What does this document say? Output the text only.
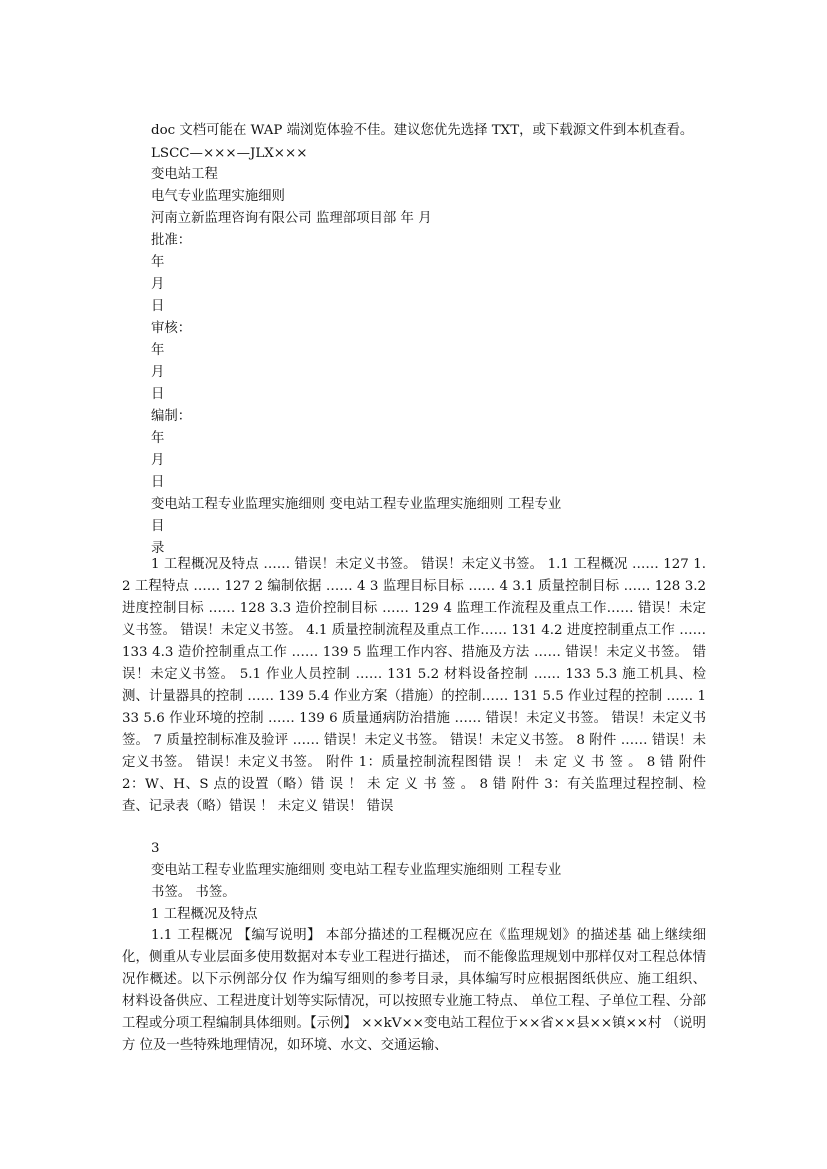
doc 文档可能在 WAP 端浏览体验不佳。建议您优先选择 TXT，或下载源文件到本机查看。
LSCC—×××—JLX×××
变电站工程
电气专业监理实施细则
河南立新监理咨询有限公司 监理部项目部 年 月
批准：
年
月
日
审核：
年
月
日
编制：
年
月
日
变电站工程专业监理实施细则 变电站工程专业监理实施细则 工程专业
目
录
1 工程概况及特点 …… 错误！未定义书签。 错误！未定义书签。 1.1 工程概况 …… 127 1.2 工程特点 …… 127 2 编制依据 …… 4 3 监理目标目标 …… 4 3.1 质量控制目标 …… 128 3.2 进度控制目标 …… 128 3.3 造价控制目标 …… 129 4 监理工作流程及重点工作…… 错误！未定义书签。 错误！未定义书签。 4.1 质量控制流程及重点工作…… 131 4.2 进度控制重点工作 …… 133 4.3 造价控制重点工作 …… 139 5 监理工作内容、措施及方法 …… 错误！未定义书签。 错误！未定义书签。 5.1 作业人员控制 …… 131 5.2 材料设备控制 …… 133 5.3 施工机具、检测、计量器具的控制 …… 139 5.4 作业方案（措施）的控制…… 131 5.5 作业过程的控制 …… 133 5.6 作业环境的控制 …… 139 6 质量通病防治措施 …… 错误！未定义书签。 错误！未定义书签。 7 质量控制标准及验评 …… 错误！未定义书签。 错误！未定义书签。 8 附件 …… 错误！未定义书签。 错误！未定义书签。 附件 1：质量控制流程图错 误 ！ 未 定 义 书 签 。 8 错 附件 2：W、H、S 点的设置（略）错 误 ！ 未 定 义 书 签 。 8 错 附件 3：有关监理过程控制、检查、记录表（略）错误 ！ 未定义 错误！ 错误
3
变电站工程专业监理实施细则 变电站工程专业监理实施细则 工程专业
书签。 书签。
1 工程概况及特点
1.1 工程概况 【编写说明】 本部分描述的工程概况应在《监理规划》的描述基 础上继续细化，侧重从专业层面多使用数据对本专业工程进行描述， 而不能像监理规划中那样仅对工程总体情况作概述。以下示例部分仅 作为编写细则的参考目录，具体编写时应根据图纸供应、施工组织、 材料设备供应、工程进度计划等实际情况，可以按照专业施工特点、 单位工程、子单位工程、分部工程或分项工程编制具体细则。【示例】 ××kV××变电站工程位于××省××县××镇××村 （说明方 位及一些特殊地理情况，如环境、水文、交通运输、
